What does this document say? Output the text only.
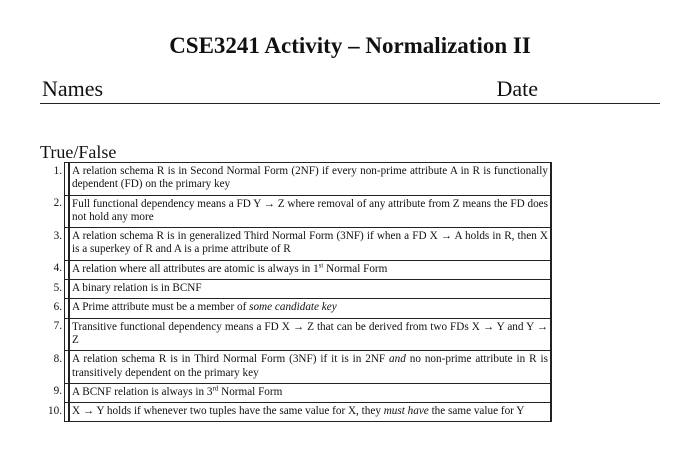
CSE3241 Activity – Normalization II
Names	Date
True/False
1.		A relation schema R is in Second Normal Form (2NF) if every non-prime attribute A in R is functionally dependent (FD) on the primary key
2.		Full functional dependency means a FD Y → Z where removal of any attribute from Z means the FD does not hold any more
3.		A relation schema R is in generalized Third Normal Form (3NF) if when a FD X → A holds in R, then X is a superkey of R and A is a prime attribute of R
4.		A relation where all attributes are atomic is always in 1st Normal Form
5.		A binary relation is in BCNF
6.		A Prime attribute must be a member of some candidate key
7.		Transitive functional dependency means a FD X → Z that can be derived from two FDs X → Y and Y → Z
8.		A relation schema R is in Third Normal Form (3NF) if it is in 2NF and no non-prime attribute in R is transitively dependent on the primary key
9.		A BCNF relation is always in 3rd Normal Form
10.		X → Y holds if whenever two tuples have the same value for X, they must have the same value for Y
